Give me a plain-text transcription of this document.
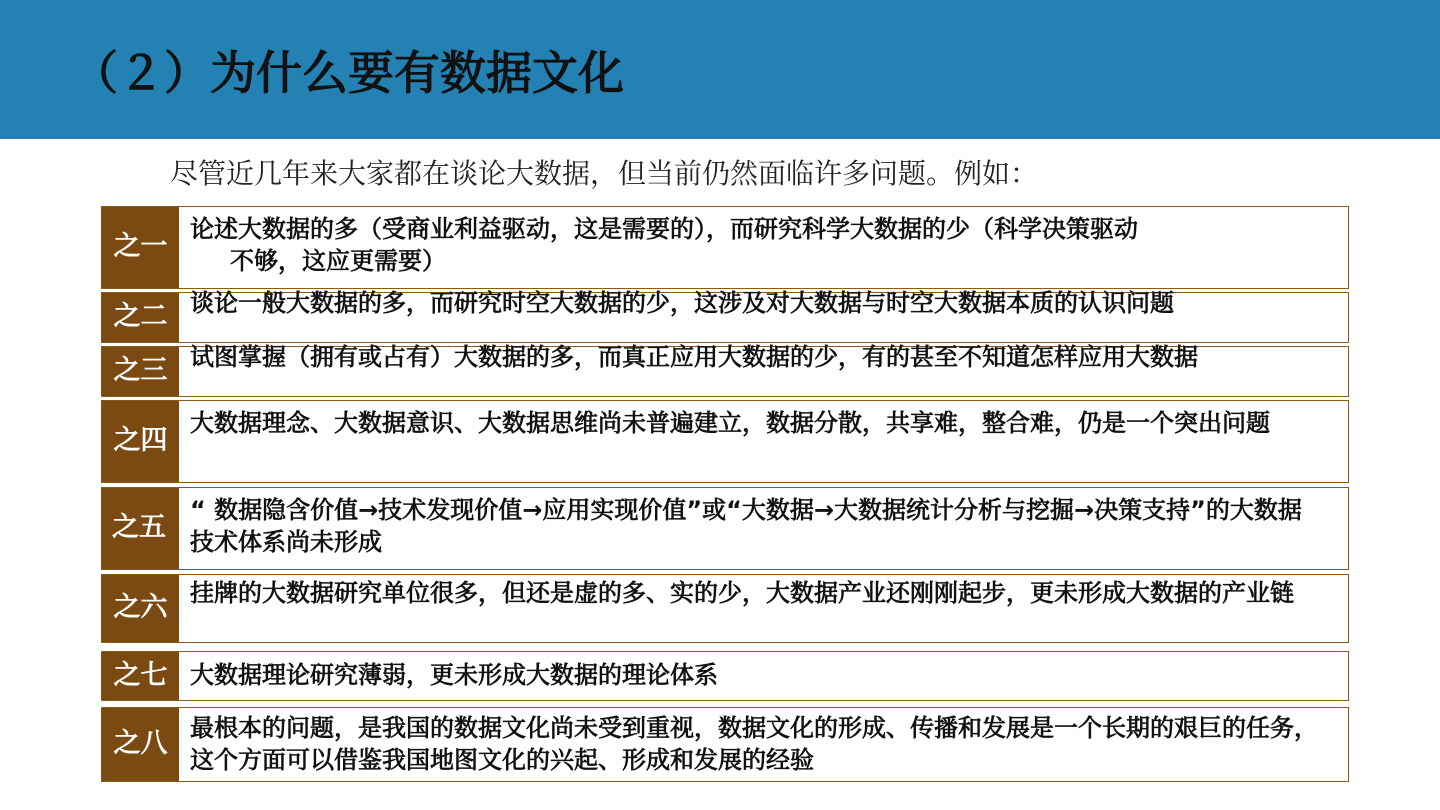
（２）为什么要有数据文化

尽管近几年来大家都在谈论大数据，但当前仍然面临许多问题。例如：

之一
论述大数据的多（受商业利益驱动，这是需要的），而研究科学大数据的少（科学决策驱动
不够，这应更需要）
之二 谈论一般大数据的多，而研究时空大数据的少，这涉及对大数据与时空大数据本质的认识问题
之三 试图掌握（拥有或占有）大数据的多，而真正应用大数据的少，有的甚至不知道怎样应用大数据
之四
大数据理念、大数据意识、大数据思维尚未普遍建立，数据分散，共享难，整合难，仍是一个突出问题
之五
“ 数据隐含价值→技术发现价值→应用实现价值”或“大数据→大数据统计分析与挖掘→决策支持”的大数据技术体系尚未形成
之六 挂牌的大数据研究单位很多，但还是虚的多、实的少，大数据产业还刚刚起步，更未形成大数据的产业链
之七 大数据理论研究薄弱，更未形成大数据的理论体系
之八
最根本的问题，是我国的数据文化尚未受到重视，数据文化的形成、传播和发展是一个长期的艰巨的任务，这个方面可以借鉴我国地图文化的兴起、形成和发展的经验
